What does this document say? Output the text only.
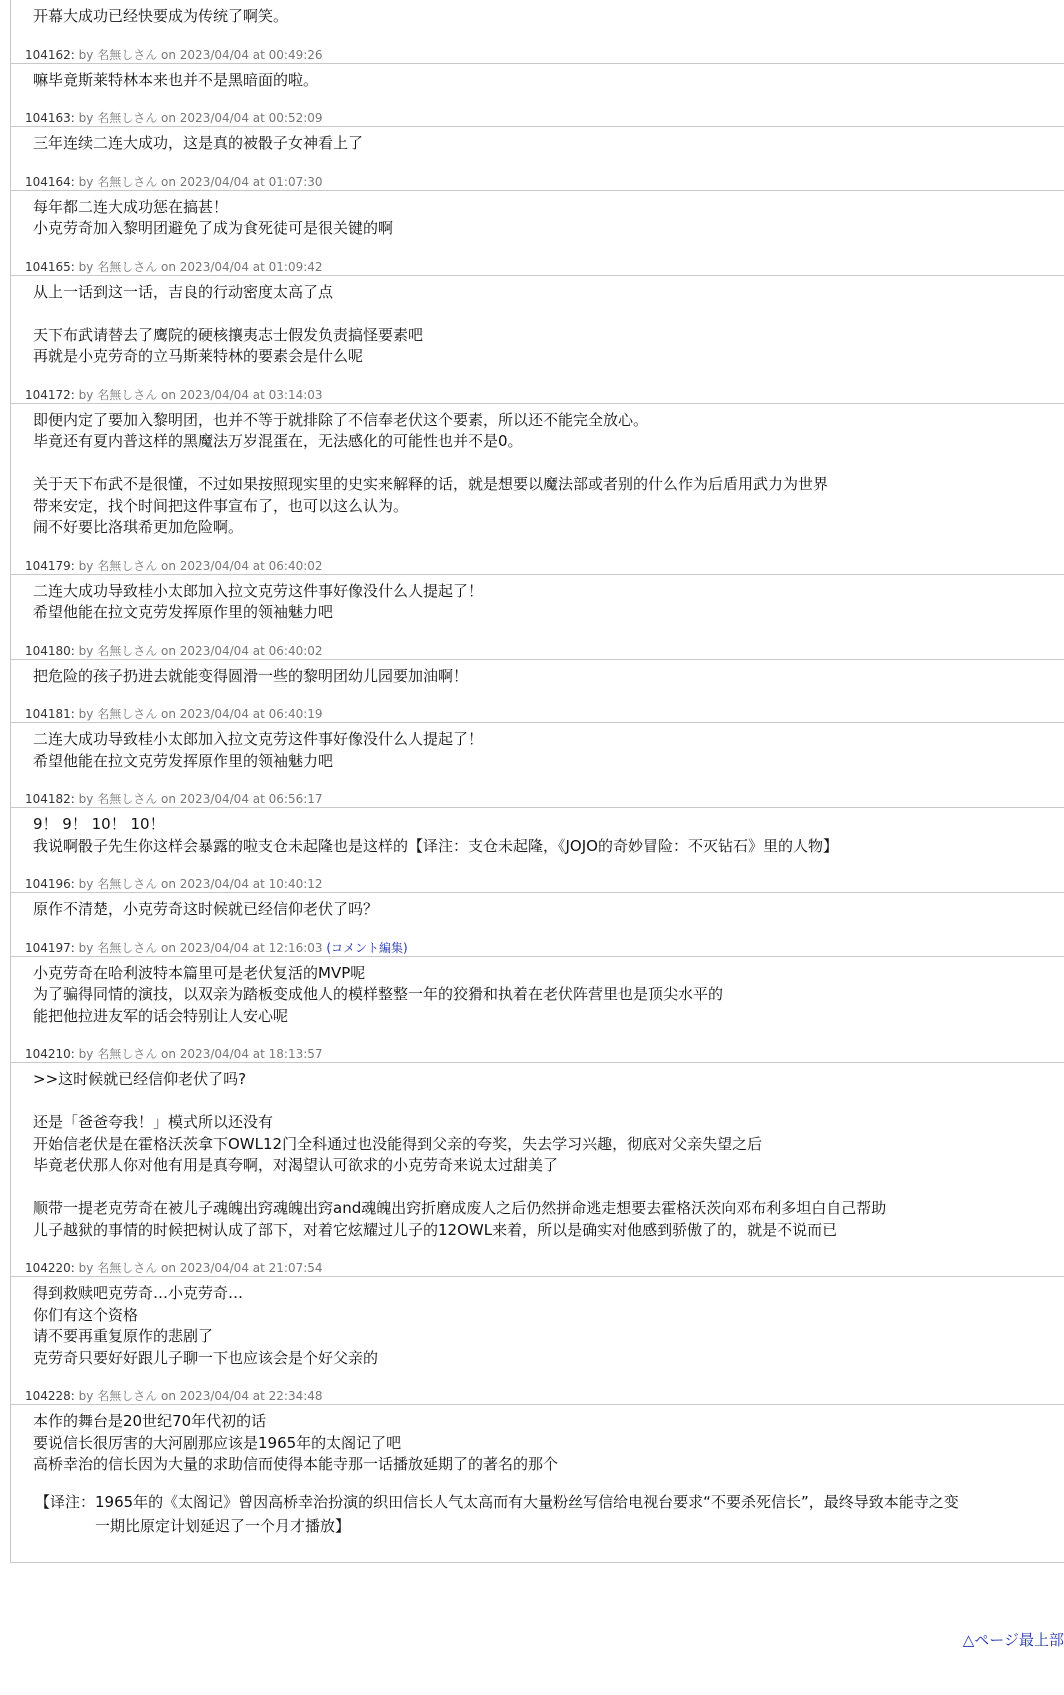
开幕大成功已经快要成为传统了啊笑。
104162: by 名無しさん on 2023/04/04 at 00:49:26
嘛毕竟斯莱特林本来也并不是黑暗面的啦。
104163: by 名無しさん on 2023/04/04 at 00:52:09
三年连续二连大成功，这是真的被骰子女神看上了
104164: by 名無しさん on 2023/04/04 at 01:07:30
每年都二连大成功惩在搞甚！
小克劳奇加入黎明团避免了成为食死徒可是很关键的啊
104165: by 名無しさん on 2023/04/04 at 01:09:42
从上一话到这一话，吉良的行动密度太高了点

天下布武请替去了鹰院的硬核攘夷志士假发负责搞怪要素吧
再就是小克劳奇的立马斯莱特林的要素会是什么呢
104172: by 名無しさん on 2023/04/04 at 03:14:03
即便内定了要加入黎明团，也并不等于就排除了不信奉老伏这个要素，所以还不能完全放心。
毕竟还有夏内普这样的黑魔法万岁混蛋在，无法感化的可能性也并不是0。

关于天下布武不是很懂，不过如果按照现实里的史实来解释的话，就是想要以魔法部或者别的什么作为后盾用武力为世界
带来安定，找个时间把这件事宣布了，也可以这么认为。
闹不好要比洛琪希更加危险啊。
104179: by 名無しさん on 2023/04/04 at 06:40:02
二连大成功导致桂小太郎加入拉文克劳这件事好像没什么人提起了！
希望他能在拉文克劳发挥原作里的领袖魅力吧
104180: by 名無しさん on 2023/04/04 at 06:40:02
把危险的孩子扔进去就能变得圆滑一些的黎明团幼儿园要加油啊！
104181: by 名無しさん on 2023/04/04 at 06:40:19
二连大成功导致桂小太郎加入拉文克劳这件事好像没什么人提起了！
希望他能在拉文克劳发挥原作里的领袖魅力吧
104182: by 名無しさん on 2023/04/04 at 06:56:17
9！ 9！ 10！ 10！
我说啊骰子先生你这样会暴露的啦支仓未起隆也是这样的【译注：支仓未起隆，《JOJO的奇妙冒险：不灭钻石》里的人物】
104196: by 名無しさん on 2023/04/04 at 10:40:12
原作不清楚，小克劳奇这时候就已经信仰老伏了吗？
104197: by 名無しさん on 2023/04/04 at 12:16:03 (コメント編集)
小克劳奇在哈利波特本篇里可是老伏复活的MVP呢
为了骗得同情的演技，以双亲为踏板变成他人的模样整整一年的狡猾和执着在老伏阵营里也是顶尖水平的
能把他拉进友军的话会特别让人安心呢
104210: by 名無しさん on 2023/04/04 at 18:13:57
>>这时候就已经信仰老伏了吗?

还是「爸爸夸我！」模式所以还没有
开始信老伏是在霍格沃茨拿下OWL12门全科通过也没能得到父亲的夸奖，失去学习兴趣，彻底对父亲失望之后
毕竟老伏那人你对他有用是真夸啊，对渴望认可欲求的小克劳奇来说太过甜美了

顺带一提老克劳奇在被儿子魂魄出窍魂魄出窍and魂魄出窍折磨成废人之后仍然拼命逃走想要去霍格沃茨向邓布利多坦白自己帮助
儿子越狱的事情的时候把树认成了部下，对着它炫耀过儿子的12OWL来着，所以是确实对他感到骄傲了的，就是不说而已
104220: by 名無しさん on 2023/04/04 at 21:07:54
得到救赎吧克劳奇…小克劳奇…
你们有这个资格
请不要再重复原作的悲剧了
克劳奇只要好好跟儿子聊一下也应该会是个好父亲的
104228: by 名無しさん on 2023/04/04 at 22:34:48
本作的舞台是20世纪70年代初的话
要说信长很厉害的大河剧那应该是1965年的太阁记了吧
高桥幸治的信长因为大量的求助信而使得本能寺那一话播放延期了的著名的那个
【译注：1965年的《太阁记》曾因高桥幸治扮演的织田信长人气太高而有大量粉丝写信给电视台要求“不要杀死信长”，最终导致本能寺之变
一期比原定计划延迟了一个月才播放】
△ページ最上部
